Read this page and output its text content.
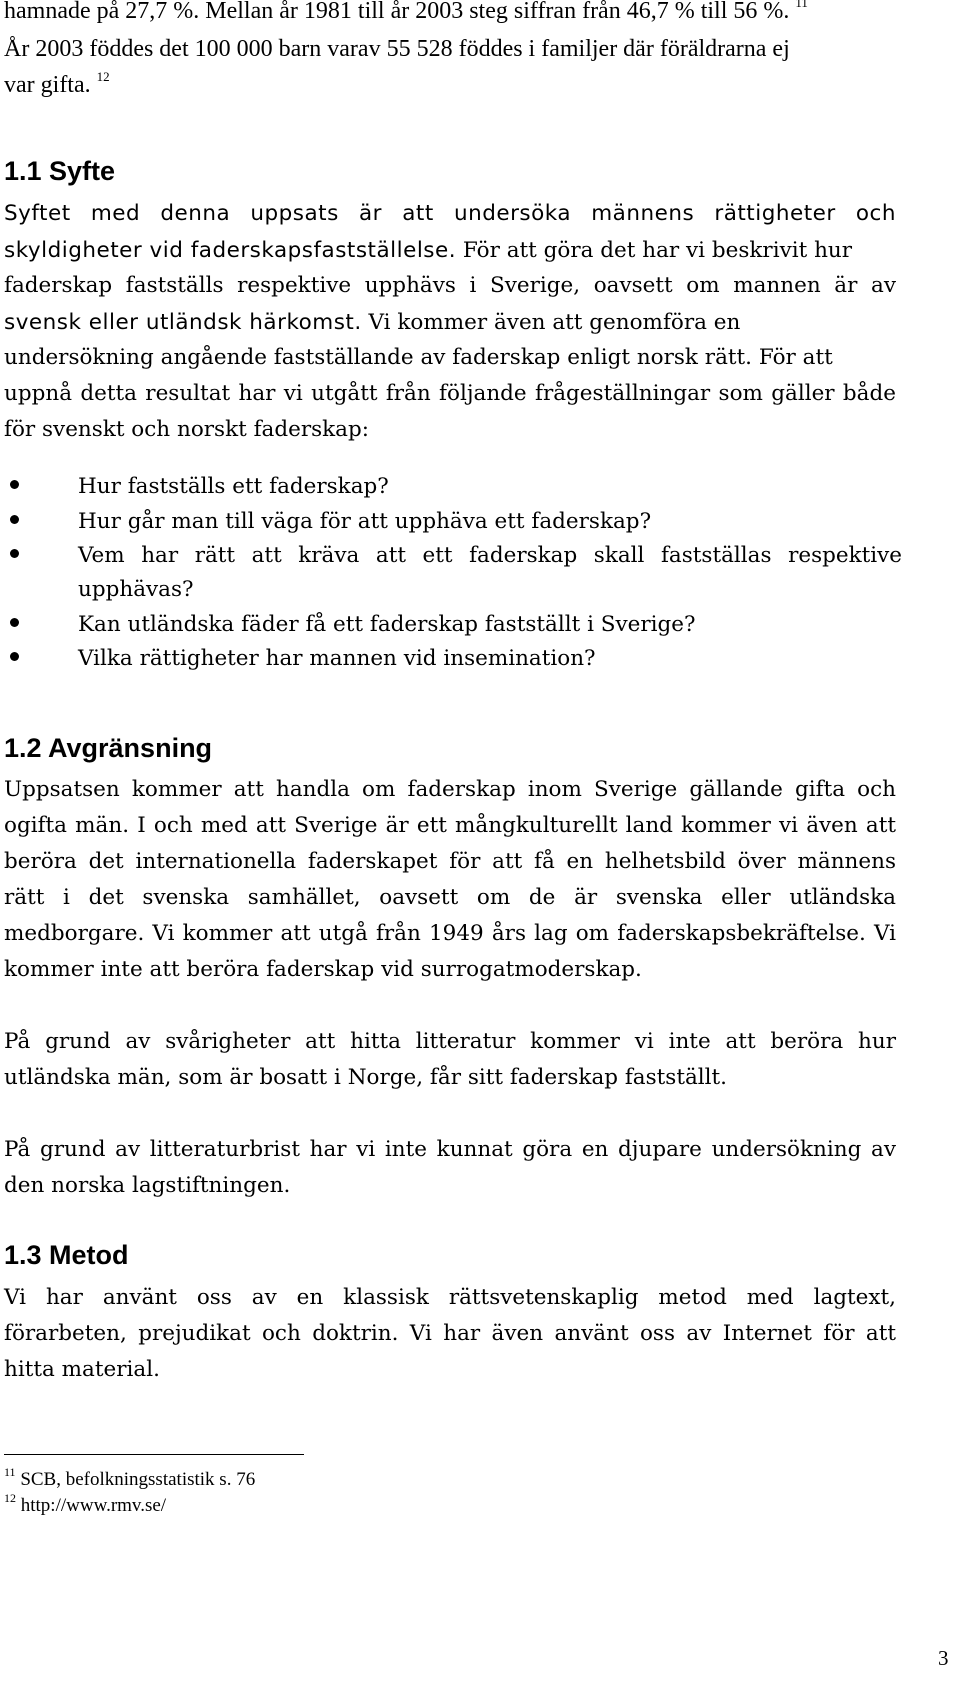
hamnade på 27,7 %. Mellan år 1981 till år 2003 steg siffran från 46,7 % till 56 %. $^{11}$
År 2003 föddes det 100 000 barn varav 55 528 föddes i familjer där föräldrarna ej
var gifta. $^{12}$
1.1 Syfte
Syftet med denna uppsats är att undersöka männens rättigheter och
skyldigheter vid faderskapsfastställelse. För att göra det har vi beskrivit hur
faderskap fastställs respektive upphävs i Sverige, oavsett om mannen är av
svensk eller utländsk härkomst. Vi kommer även att genomföra en
undersökning angående fastställande av faderskap enligt norsk rätt. För att
uppnå detta resultat har vi utgått från följande frågeställningar som gäller både
för svenskt och norskt faderskap:
Hur fastställs ett faderskap?
Hur går man till väga för att upphäva ett faderskap?
Vem har rätt att kräva att ett faderskap skall fastställas respektive
upphävas?
Kan utländska fäder få ett faderskap fastställt i Sverige?
Vilka rättigheter har mannen vid insemination?
1.2 Avgränsning
Uppsatsen kommer att handla om faderskap inom Sverige gällande gifta och
ogifta män. I och med att Sverige är ett mångkulturellt land kommer vi även att
beröra det internationella faderskapet för att få en helhetsbild över männens
rätt i det svenska samhället, oavsett om de är svenska eller utländska
medborgare. Vi kommer att utgå från 1949 års lag om faderskapsbekräftelse. Vi
kommer inte att beröra faderskap vid surrogatmoderskap.
På grund av svårigheter att hitta litteratur kommer vi inte att beröra hur
utländska män, som är bosatt i Norge, får sitt faderskap fastställt.
På grund av litteraturbrist har vi inte kunnat göra en djupare undersökning av
den norska lagstiftningen.
1.3 Metod
Vi har använt oss av en klassisk rättsvetenskaplig metod med lagtext,
förarbeten, prejudikat och doktrin. Vi har även använt oss av Internet för att
hitta material.
$^{11}$ SCB, befolkningsstatistik s. 76
$^{12}$ http://www.rmv.se/
3
